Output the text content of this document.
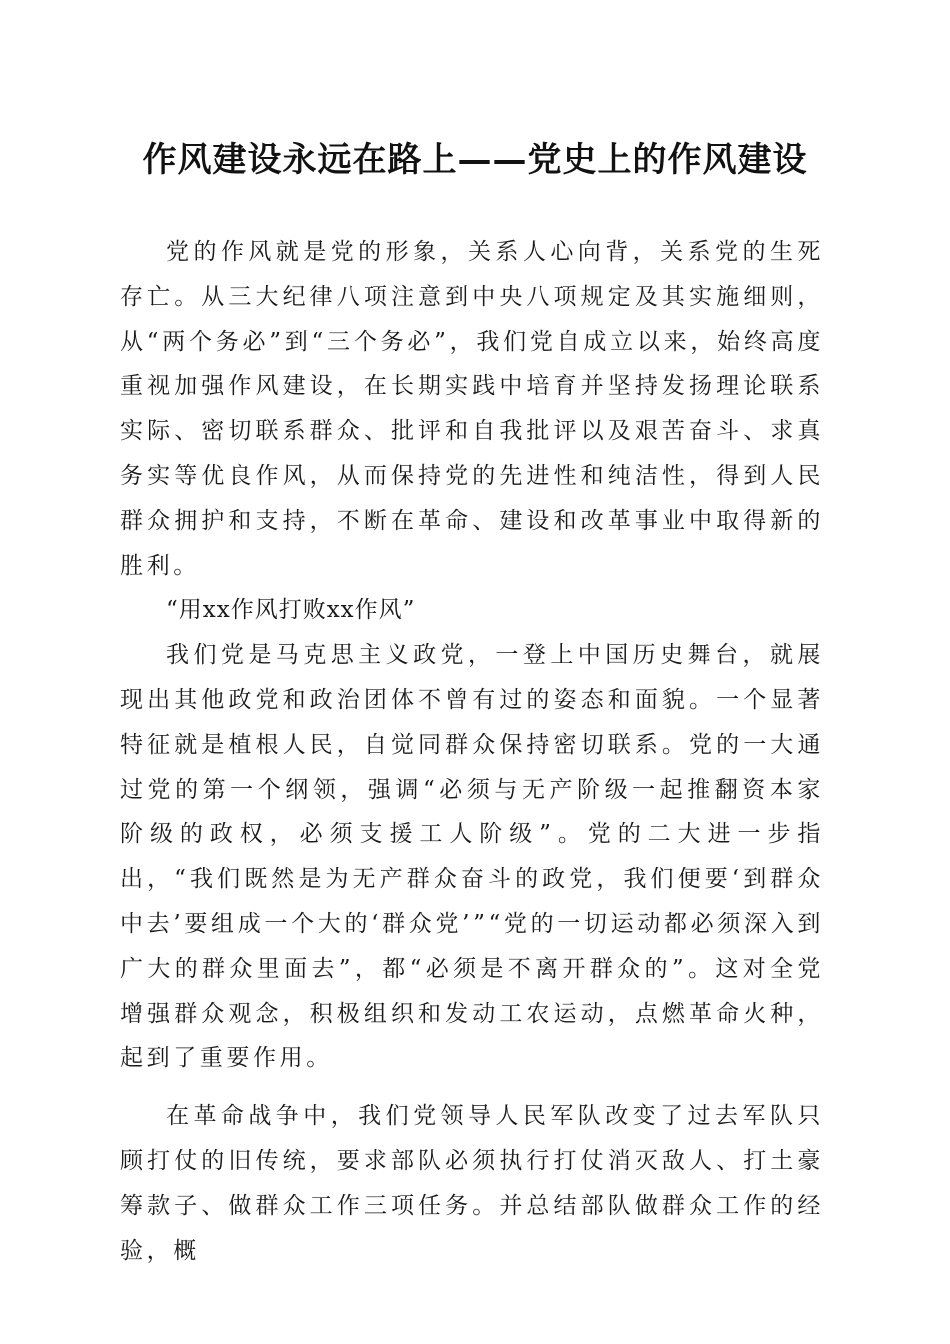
作风建设永远在路上——党史上的作风建设

党的作风就是党的形象，关系人心向背，关系党的生死存亡。从三大纪律八项注意到中央八项规定及其实施细则，从“两个务必”到“三个务必”，我们党自成立以来，始终高度重视加强作风建设，在长期实践中培育并坚持发扬理论联系实际、密切联系群众、批评和自我批评以及艰苦奋斗、求真务实等优良作风，从而保持党的先进性和纯洁性，得到人民群众拥护和支持，不断在革命、建设和改革事业中取得新的胜利。

“用xx作风打败xx作风”

我们党是马克思主义政党，一登上中国历史舞台，就展现出其他政党和政治团体不曾有过的姿态和面貌。一个显著特征就是植根人民，自觉同群众保持密切联系。党的一大通过党的第一个纲领，强调“必须与无产阶级一起推翻资本家阶级的政权，必须支援工人阶级”。党的二大进一步指出，“我们既然是为无产群众奋斗的政党，我们便要‘到群众中去’要组成一个大的‘群众党’”“党的一切运动都必须深入到广大的群众里面去”，都“必须是不离开群众的”。这对全党增强群众观念，积极组织和发动工农运动，点燃革命火种，起到了重要作用。

在革命战争中，我们党领导人民军队改变了过去军队只顾打仗的旧传统，要求部队必须执行打仗消灭敌人、打土豪筹款子、做群众工作三项任务。并总结部队做群众工作的经验，概
